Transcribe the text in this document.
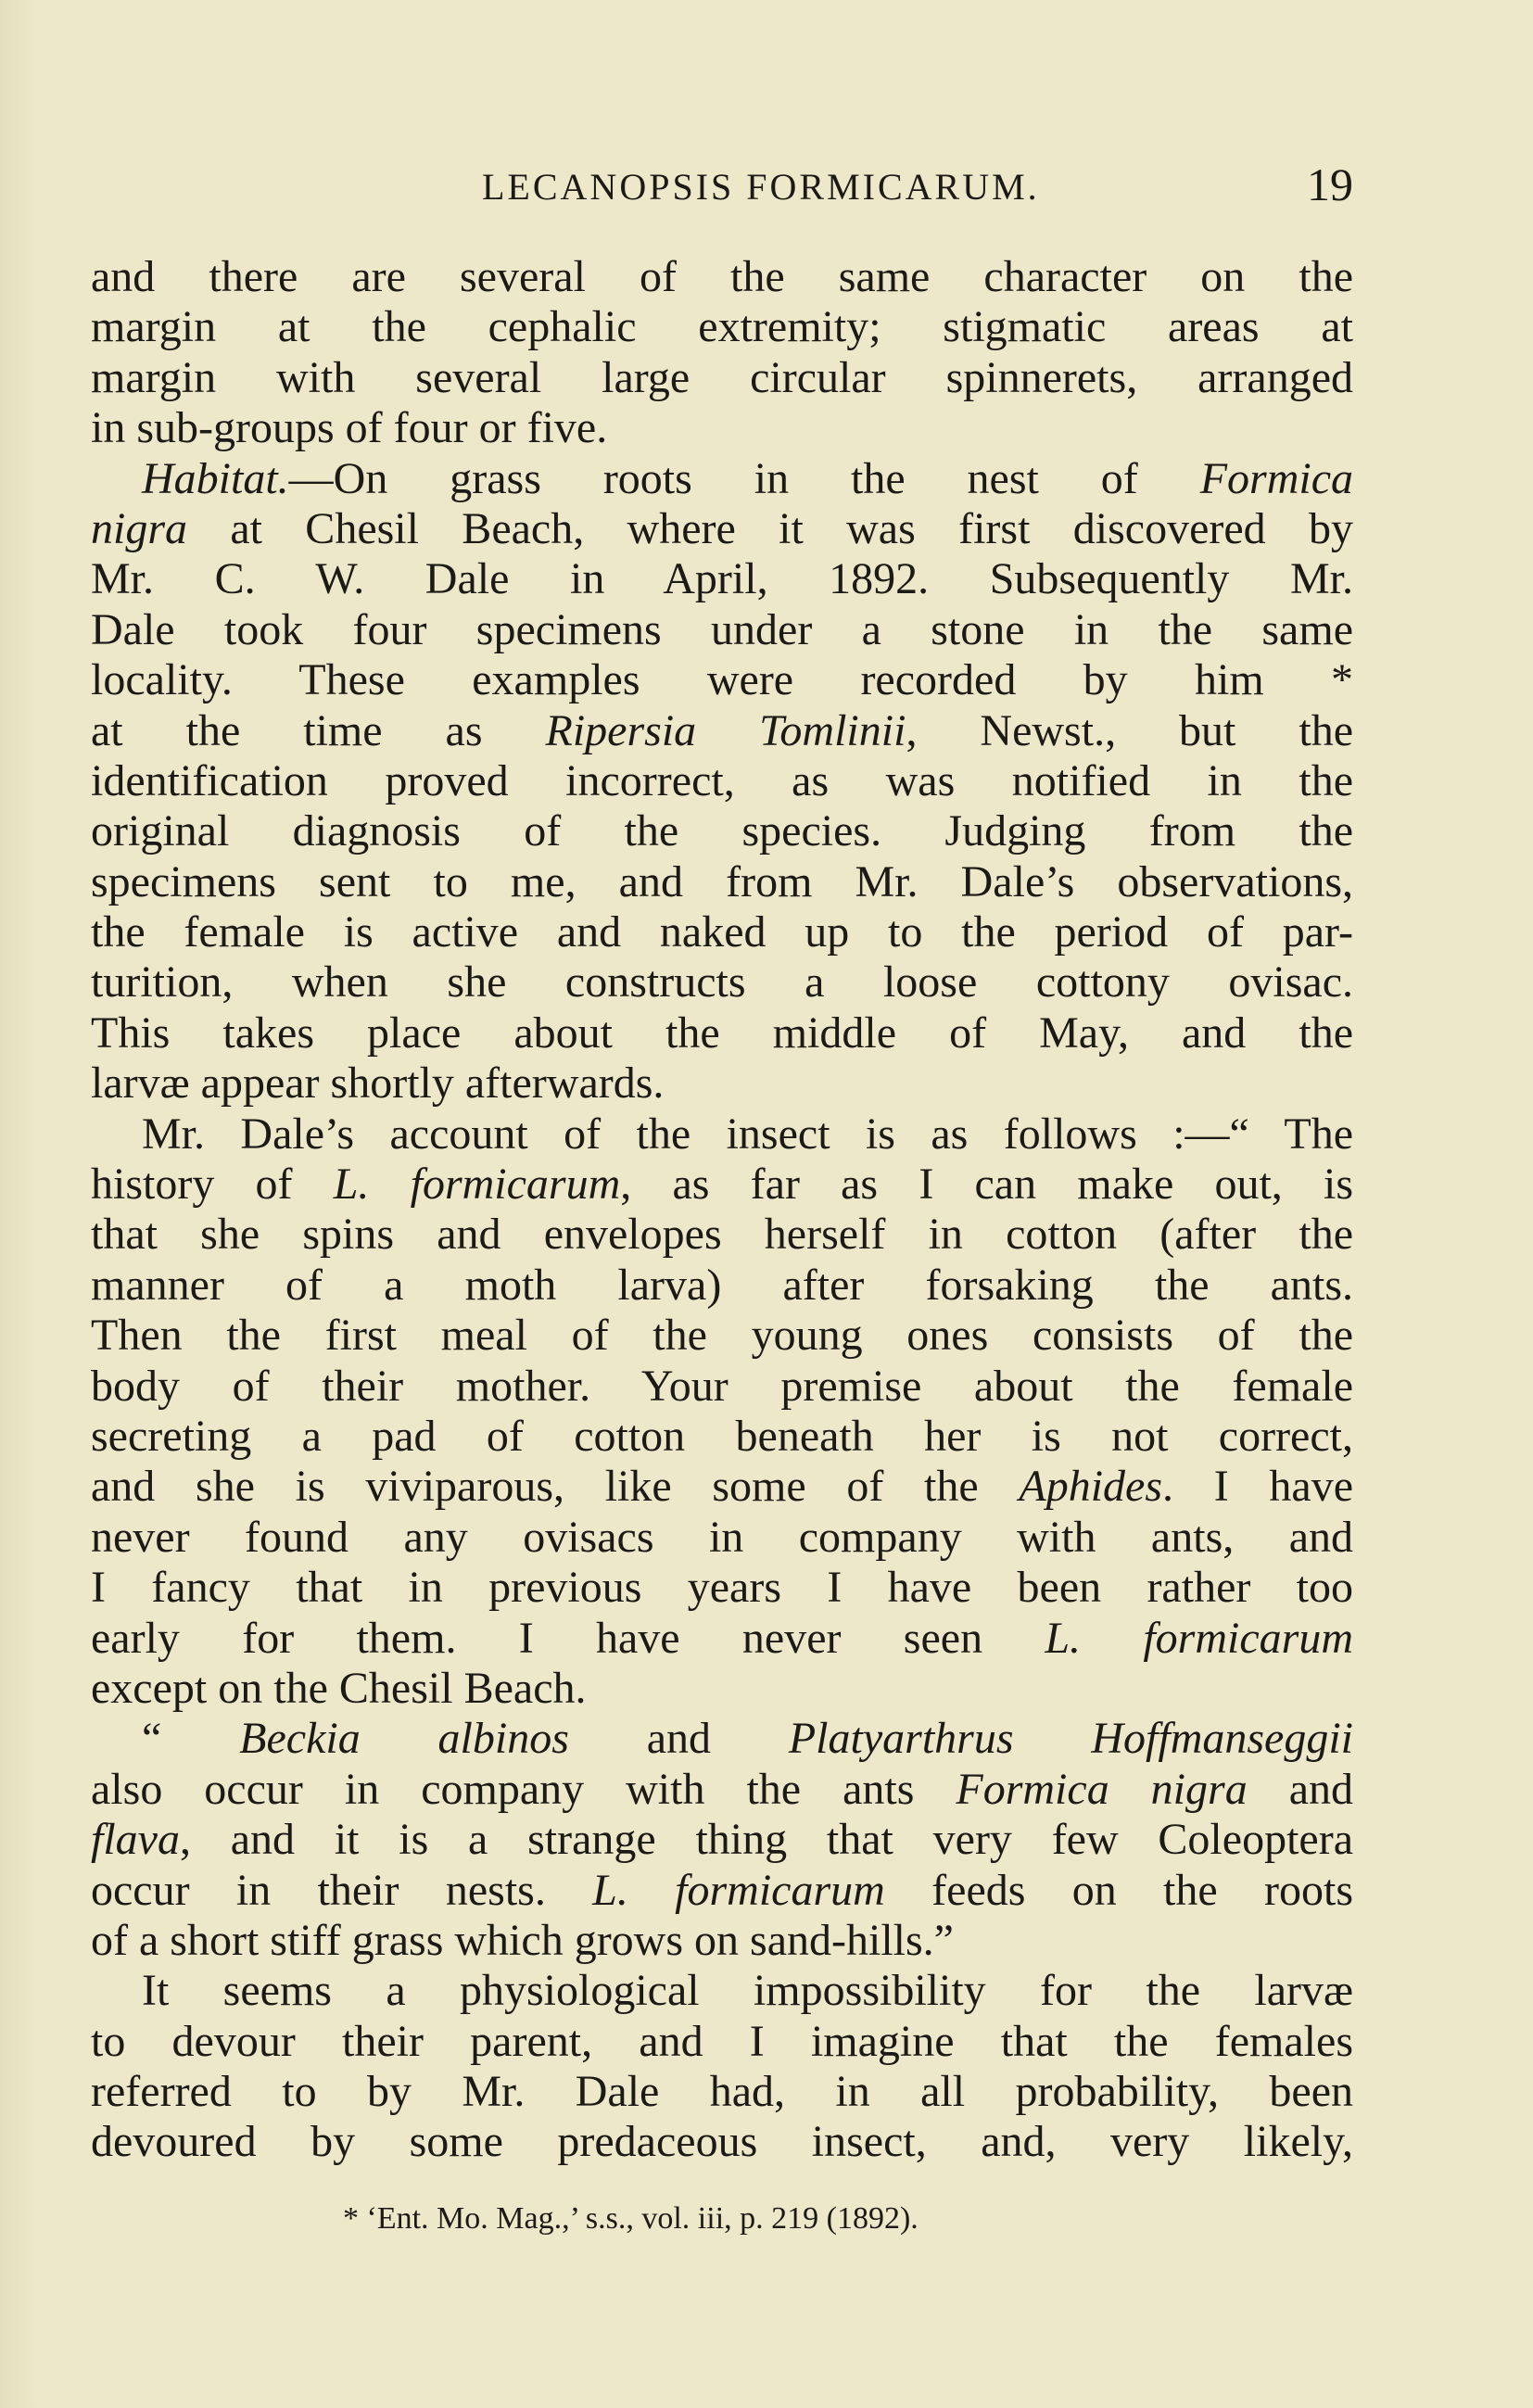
LECANOPSIS FORMICARUM.	19
and there are several of the same character on the
margin at the cephalic extremity; stigmatic areas at
margin with several large circular spinnerets, arranged
in sub-groups of four or five.
Habitat.—On grass roots in the nest of Formica
nigra at Chesil Beach, where it was first discovered by
Mr. C. W. Dale in April, 1892. Subsequently Mr.
Dale took four specimens under a stone in the same
locality. These examples were recorded by him *
at the time as Ripersia Tomlinii, Newst., but the
identification proved incorrect, as was notified in the
original diagnosis of the species. Judging from the
specimens sent to me, and from Mr. Dale’s observations,
the female is active and naked up to the period of par-
turition, when she constructs a loose cottony ovisac.
This takes place about the middle of May, and the
larvæ appear shortly afterwards.
Mr. Dale’s account of the insect is as follows :—“ The
history of L. formicarum, as far as I can make out, is
that she spins and envelopes herself in cotton (after the
manner of a moth larva) after forsaking the ants.
Then the first meal of the young ones consists of the
body of their mother. Your premise about the female
secreting a pad of cotton beneath her is not correct,
and she is viviparous, like some of the Aphides. I have
never found any ovisacs in company with ants, and
I fancy that in previous years I have been rather too
early for them. I have never seen L. formicarum
except on the Chesil Beach.
“ Beckia albinos and Platyarthrus Hoffmanseggii
also occur in company with the ants Formica nigra and
flava, and it is a strange thing that very few Coleoptera
occur in their nests. L. formicarum feeds on the roots
of a short stiff grass which grows on sand-hills.”
It seems a physiological impossibility for the larvæ
to devour their parent, and I imagine that the females
referred to by Mr. Dale had, in all probability, been
devoured by some predaceous insect, and, very likely,
* ‘Ent. Mo. Mag.,’ s.s., vol. iii, p. 219 (1892).
